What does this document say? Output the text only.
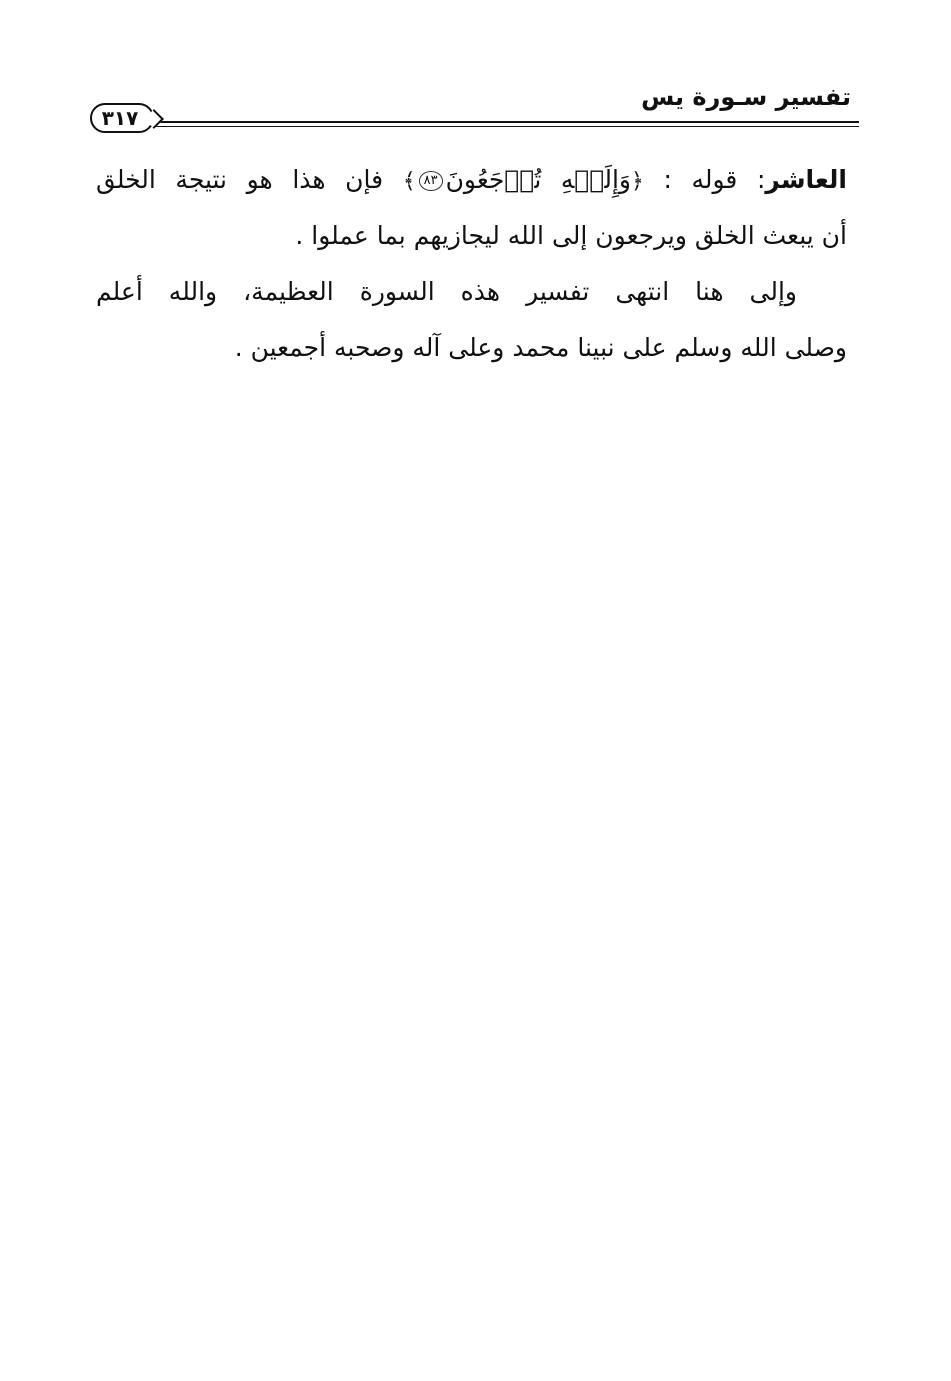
تفسير سـورة يس
٣١٧
العاشر: قوله : ﴿وَإِلَيۡهِ تُرۡجَعُونَ٨٣﴾ فإن هذا هو نتيجة الخلق
أن يبعث الخلق ويرجعون إلى الله ليجازيهم بما عملوا .
وإلى هنا انتهى تفسير هذه السورة العظيمة، والله أعلم
وصلى الله وسلم على نبينا محمد وعلى آله وصحبه أجمعين .
